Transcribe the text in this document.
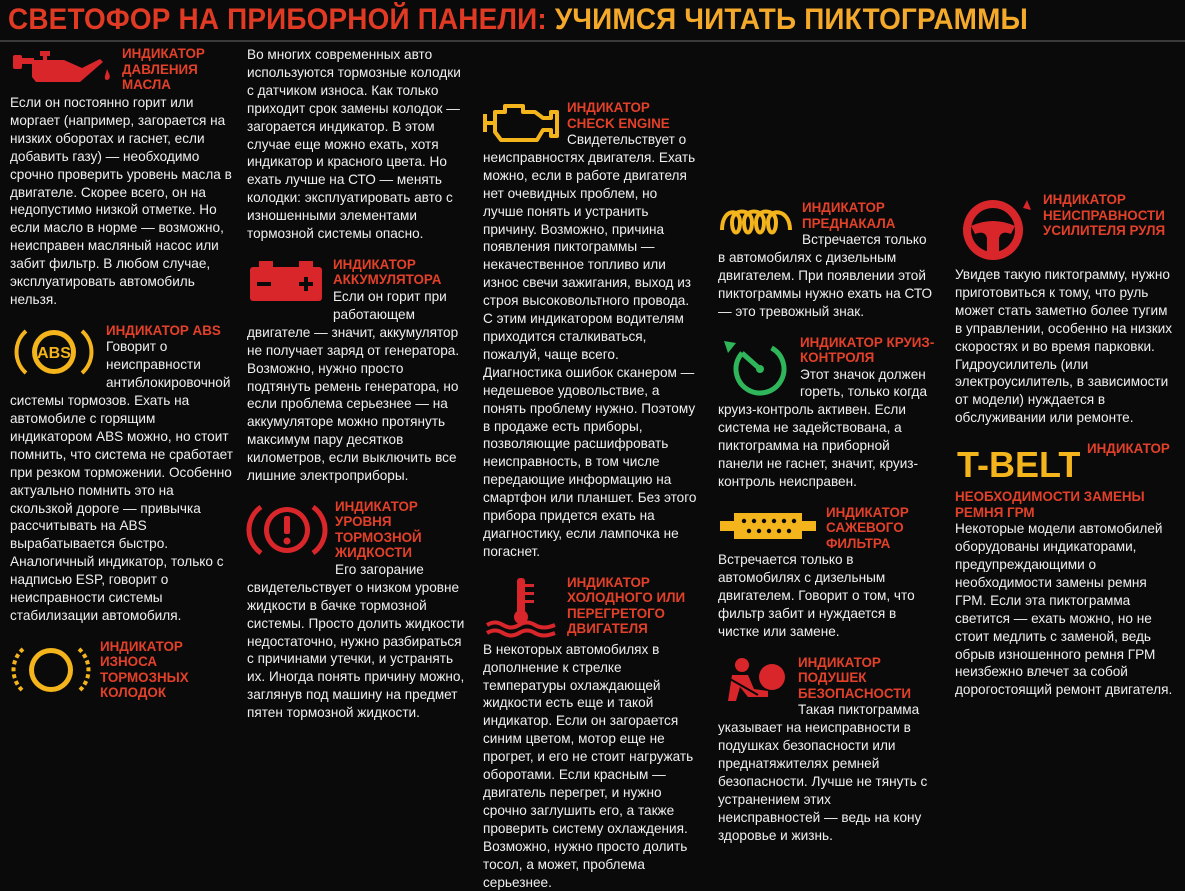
СВЕТОФОР НА ПРИБОРНОЙ ПАНЕЛИ: УЧИМСЯ ЧИТАТЬ ПИКТОГРАММЫ
ИНДИКАТОР ДАВЛЕНИЯ МАСЛА

Если он постоянно горит или моргает (например, загорается на низких оборотах и гаснет, если добавить газу) — необходимо срочно проверить уровень масла в двигателе. Скорее всего, он на недопустимо низкой отметке. Но если масло в норме — возможно, неисправен масляный насос или забит фильтр. В любом случае, эксплуатировать автомобиль нельзя.

ABS
ИНДИКАТОР ABS

Говорит о неисправности антиблокировочной системы тормозов. Ехать на автомобиле с горящим индикатором ABS можно, но стоит помнить, что система не сработает при резком торможении. Особенно актуально помнить это на скользкой дороге — привычка рассчитывать на ABS вырабатывается быстро. Аналогичный индикатор, только с надписью ESP, говорит о неисправности системы стабилизации автомобиля.

ИНДИКАТОР ИЗНОСА ТОРМОЗНЫХ КОЛОДОК

Во многих современных авто используются тормозные колодки с датчиком износа. Как только приходит срок замены колодок — загорается индикатор. В этом случае еще можно ехать, хотя индикатор и красного цвета. Но ехать лучше на СТО — менять колодки: эксплуатировать авто с изношенными элементами тормозной системы опасно.

ИНДИКАТОР АККУМУЛЯТОРА

Если он горит при работающем двигателе — значит, аккумулятор не получает заряд от генератора. Возможно, нужно просто подтянуть ремень генератора, но если проблема серьезнее — на аккумуляторе можно протянуть максимум пару десятков километров, если выключить все лишние электроприборы.

ИНДИКАТОР УРОВНЯ ТОРМОЗНОЙ ЖИДКОСТИ

Его загорание свидетельствует о низком уровне жидкости в бачке тормозной системы. Просто долить жидкости недостаточно, нужно разбираться с причинами утечки, и устранять их. Иногда понять причину можно, заглянув под машину на предмет пятен тормозной жидкости.

ИНДИКАТОР CHECK ENGINE

Свидетельствует о неисправностях двигателя. Ехать можно, если в работе двигателя нет очевидных проблем, но лучше понять и устранить причину. Возможно, причина появления пиктограммы — некачественное топливо или износ свечи зажигания, выход из строя высоковольтного провода. С этим индикатором водителям приходится сталкиваться, пожалуй, чаще всего. Диагностика ошибок сканером — недешевое удовольствие, а понять проблему нужно. Поэтому в продаже есть приборы, позволяющие расшифровать неисправность, в том числе передающие информацию на смартфон или планшет. Без этого прибора придется ехать на диагностику, если лампочка не погаснет.

ИНДИКАТОР ХОЛОДНОГО ИЛИ ПЕРЕГРЕТОГО ДВИГАТЕЛЯ

В некоторых автомобилях в дополнение к стрелке температуры охлаждающей жидкости есть еще и такой индикатор. Если он загорается синим цветом, мотор еще не прогрет, и его не стоит нагружать оборотами. Если красным — двигатель перегрет, и нужно срочно заглушить его, а также проверить систему охлаждения. Возможно, нужно просто долить тосол, а может, проблема серьезнее.

ИНДИКАТОР ПРЕДНАКАЛА

Встречается только в автомобилях с дизельным двигателем. При появлении этой пиктограммы нужно ехать на СТО — это тревожный знак.

ИНДИКАТОР КРУИЗ-КОНТРОЛЯ

Этот значок должен гореть, только когда круиз-контроль активен. Если система не задействована, а пиктограмма на приборной панели не гаснет, значит, круиз-контроль неисправен.

ИНДИКАТОР САЖЕВОГО ФИЛЬТРА

Встречается только в автомобилях с дизельным двигателем. Говорит о том, что фильтр забит и нуждается в чистке или замене.

ИНДИКАТОР ПОДУШЕК БЕЗОПАСНОСТИ

Такая пиктограмма указывает на неисправности в подушках безопасности или преднатяжителях ремней безопасности. Лучше не тянуть с устранением этих неисправностей — ведь на кону здоровье и жизнь.

ИНДИКАТОР НЕИСПРАВНОСТИ УСИЛИТЕЛЯ РУЛЯ

Увидев такую пиктограмму, нужно приготовиться к тому, что руль может стать заметно более тугим в управлении, особенно на низких скоростях и во время парковки. Гидроусилитель (или электроусилитель, в зависимости от модели) нуждается в обслуживании или ремонте.

T-BELT ИНДИКАТОР НЕОБХОДИМОСТИ ЗАМЕНЫ РЕМНЯ ГРМ

Некоторые модели автомобилей оборудованы индикаторами, предупреждающими о необходимости замены ремня ГРМ. Если эта пиктограмма светится — ехать можно, но не стоит медлить с заменой, ведь обрыв изношенного ремня ГРМ неизбежно влечет за собой дорогостоящий ремонт двигателя.
